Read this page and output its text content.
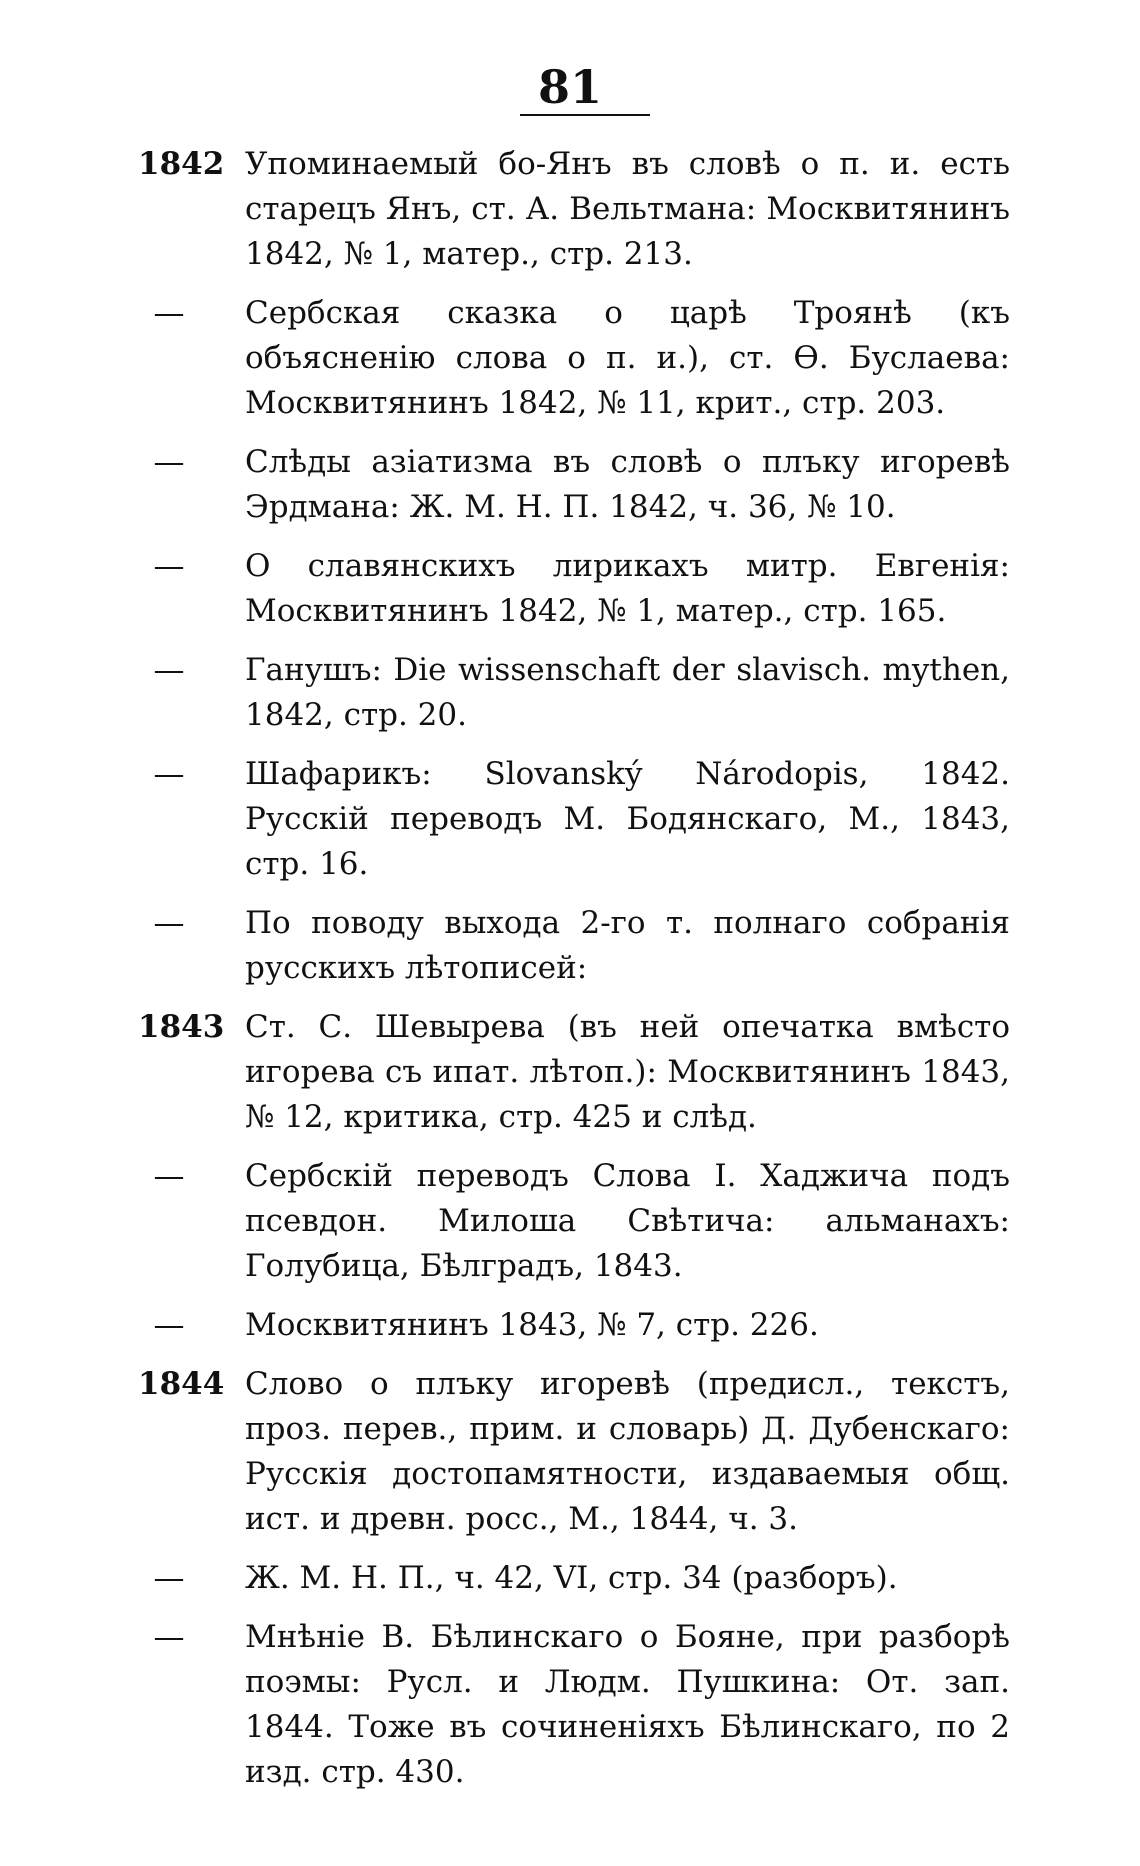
81
1842 Упоминаемый бо-Янъ въ словѣ о п. и. есть старецъ Янъ, ст. А. Вельтмана: Москвитянинъ 1842, № 1, матер., стр. 213.
—	Сербская сказка о царѣ Троянѣ (къ объясненію слова о п. и.), ст. Ѳ. Буслаева: Москвитянинъ 1842, № 11, крит., стр. 203.
—	Слѣды азіатизма въ словѣ о плъку игоревѣ Эрдмана: Ж. М. Н. П. 1842, ч. 36, № 10.
—	О славянскихъ лирикахъ митр. Евгенія: Москвитянинъ 1842, № 1, матер., стр. 165.
—	Ганушъ: Die wissenschaft der slavisch. mythen, 1842, стр. 20.
—	Шафарикъ: Slovanský Národopis, 1842. Русскій переводъ М. Бодянскаго, М., 1843, стр. 16.
—	По поводу выхода 2-го т. полнаго собранія русскихъ лѣтописей:
1843 Ст. С. Шевырева (въ ней опечатка вмѣсто игорева съ ипат. лѣтоп.): Москвитянинъ 1843, № 12, критика, стр. 425 и слѣд.
—	Сербскій переводъ Слова I. Хаджича подъ псевдон. Милоша Свѣтича: альманахъ: Голубица, Бѣлградъ, 1843.
—	Москвитянинъ 1843, № 7, стр. 226.
1844 Слово о плъку игоревѣ (предисл., текстъ, проз. перев., прим. и словарь) Д. Дубенскаго: Русскія достопамятности, издаваемыя общ. ист. и древн. росс., М., 1844, ч. 3.
—	Ж. М. Н. П., ч. 42, VI, стр. 34 (разборъ).
—	Мнѣніе В. Бѣлинскаго о Бояне, при разборѣ поэмы: Русл. и Людм. Пушкина: От. зап. 1844. Тоже въ сочиненіяхъ Бѣлинскаго, по 2 изд. стр. 430.
